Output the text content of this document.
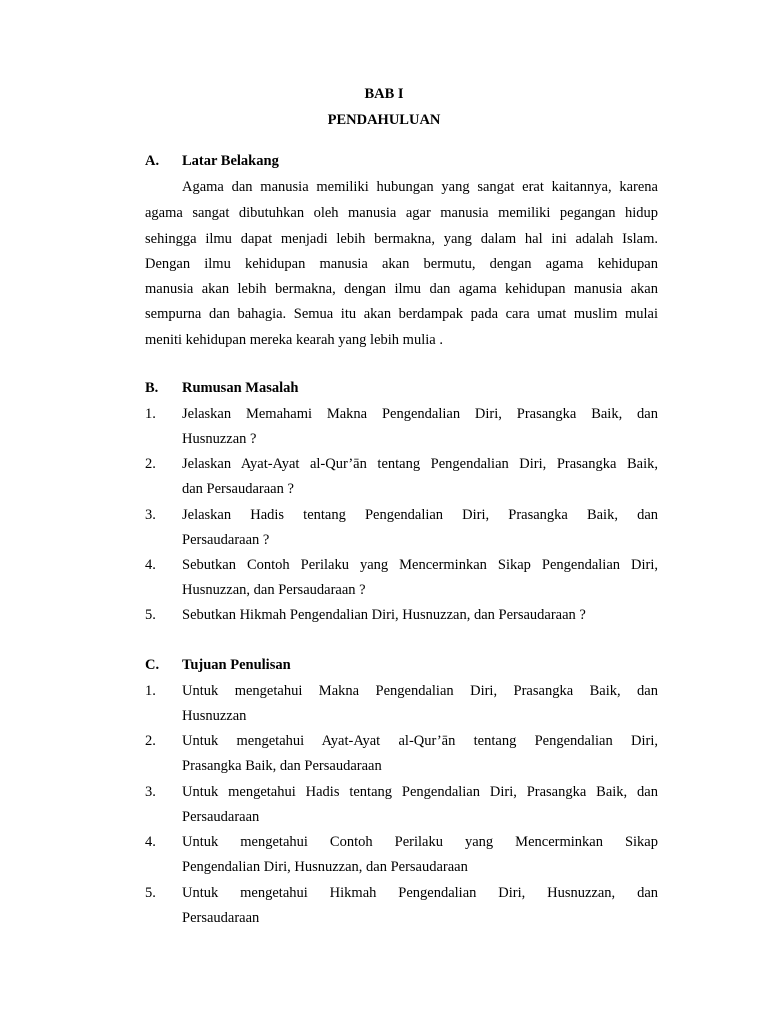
BAB I
PENDAHULUAN
A. Latar Belakang
Agama dan manusia memiliki hubungan yang sangat erat kaitannya, karena
agama sangat dibutuhkan oleh manusia agar manusia memiliki pegangan hidup
sehingga ilmu dapat menjadi lebih bermakna, yang dalam hal ini adalah Islam.
Dengan ilmu kehidupan manusia akan bermutu, dengan agama kehidupan
manusia akan lebih bermakna, dengan ilmu dan agama kehidupan manusia akan
sempurna dan bahagia. Semua itu akan berdampak pada cara umat muslim mulai
meniti kehidupan mereka kearah yang lebih mulia .
B. Rumusan Masalah
1. Jelaskan Memahami Makna Pengendalian Diri, Prasangka Baik, dan
Husnuzzan ?
2. Jelaskan Ayat-Ayat al-Qur’ān tentang Pengendalian Diri, Prasangka Baik,
dan Persaudaraan ?
3. Jelaskan Hadis tentang Pengendalian Diri, Prasangka Baik, dan
Persaudaraan ?
4. Sebutkan Contoh Perilaku yang Mencerminkan Sikap Pengendalian Diri,
Husnuzzan, dan Persaudaraan ?
5. Sebutkan Hikmah Pengendalian Diri, Husnuzzan, dan Persaudaraan ?
C. Tujuan Penulisan
1. Untuk mengetahui Makna Pengendalian Diri, Prasangka Baik, dan
Husnuzzan
2. Untuk mengetahui Ayat-Ayat al-Qur’ān tentang Pengendalian Diri,
Prasangka Baik, dan Persaudaraan
3. Untuk mengetahui Hadis tentang Pengendalian Diri, Prasangka Baik, dan
Persaudaraan
4. Untuk mengetahui Contoh Perilaku yang Mencerminkan Sikap
Pengendalian Diri, Husnuzzan, dan Persaudaraan
5. Untuk mengetahui Hikmah Pengendalian Diri, Husnuzzan, dan
Persaudaraan
